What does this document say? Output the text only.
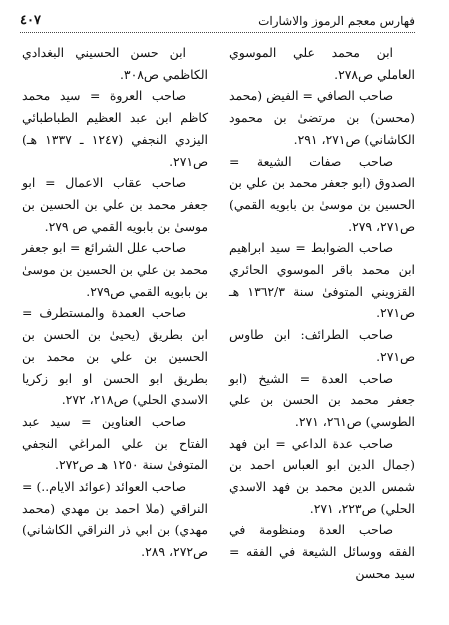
فهارس معجم الرموز والاشارات
٤٠٧

ابن محمد علي الموسوي العاملي ص٢٧٨.

صاحب الصافي = الفيض (محمد (محسن) بن مرتضىٰ بن محمود الكاشاني) ص٢٧١، ٢٩١.

صاحب صفات الشيعة = الصدوق (ابو جعفر محمد بن علي بن الحسين بن موسىٰ بن بابويه القمي) ص٢٧١، ٢٧٩.

صاحب الضوابط = سيد ابراهيم ابن محمد باقر الموسوي الحائري القزويني المتوفىٰ سنة ١٣٦٢/٣ هـ ص٢٧١.

صاحب الطرائف: ابن طاوس ص٢٧١.

صاحب العدة = الشيخ (ابو جعفر محمد بن الحسن بن علي الطوسي) ص٢٦١، ٢٧١.

صاحب عدة الداعي = ابن فهد (جمال الدين ابو العباس احمد بن شمس الدين محمد بن فهد الاسدي الحلي) ص٢٢٣، ٢٧١.

صاحب العدة ومنظومة في الفقه ووسائل الشيعة في الفقه = سيد محسن

ابن حسن الحسيني البغدادي الكاظمي ص٣٠٨.

صاحب العروة = سيد محمد كاظم ابن عبد العظيم الطباطبائي اليزدي النجفي (١٢٤٧ ـ ١٣٣٧ هـ) ص٢٧١.

صاحب عقاب الاعمال = ابو جعفر محمد بن علي بن الحسين بن موسىٰ بن بابويه القمي ص ٢٧٩.

صاحب علل الشرائع = ابو جعفر محمد بن علي بن الحسين بن موسىٰ بن بابويه القمي ص٢٧٩.

صاحب العمدة والمستطرف = ابن بطريق (يحيىٰ بن الحسن بن الحسين بن علي بن محمد بن بطريق ابو الحسن او ابو زكريا الاسدي الحلي) ص٢١٨، ٢٧٢.

صاحب العناوين = سيد عبد الفتاح بن علي المراغي النجفي المتوفىٰ سنة ١٢٥٠ هـ ص٢٧٢.

صاحب العوائد (عوائد الايام..) = النراقي (ملا احمد بن مهدي (محمد مهدي) بن ابي ذر النراقي الكاشاني) ص٢٧٢، ٢٨٩.
